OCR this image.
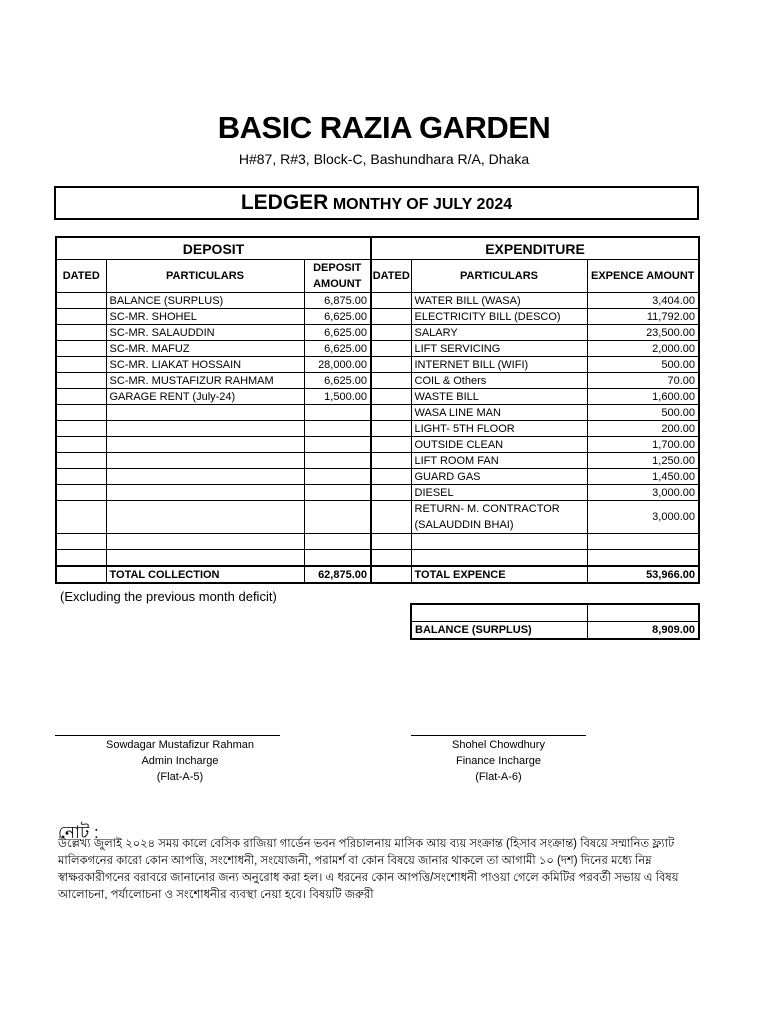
BASIC RAZIA GARDEN
H#87, R#3, Block-C, Bashundhara R/A, Dhaka
LEDGER MONTHY OF JULY 2024
DEPOSIT		
DATED	PARTICULARS	DEPOSIT AMOUNT
	BALANCE (SURPLUS)	6,875.00
	SC-MR. SHOHEL	6,625.00
	SC-MR. SALAUDDIN	6,625.00
	SC-MR. MAFUZ	6,625.00
	SC-MR. LIAKAT HOSSAIN	28,000.00
	SC-MR. MUSTAFIZUR RAHMAM	6,625.00
	GARAGE RENT (July-24)	1,500.00

	TOTAL COLLECTION	62,875.00
EXPENDITURE		
DATED	PARTICULARS	EXPENCE AMOUNT
	WATER BILL (WASA)	3,404.00
	ELECTRICITY BILL (DESCO)	11,792.00
	SALARY	23,500.00
	LIFT SERVICING	2,000.00
	INTERNET BILL (WIFI)	500.00
	COIL & Others	70.00
	WASTE BILL	1,600.00
	WASA LINE MAN	500.00
	LIGHT- 5TH FLOOR	200.00
	OUTSIDE CLEAN	1,700.00
	LIFT ROOM FAN	1,250.00
	GUARD GAS	1,450.00
	DIESEL	3,000.00
	RETURN- M. CONTRACTOR (SALAUDDIN BHAI)	3,000.00

	TOTAL EXPENCE	53,966.00
(Excluding the previous month deficit)

BALANCE (SURPLUS)	8,909.00
Sowdagar Mustafizur Rahman
Admin Incharge
(Flat-A-5)
Shohel Chowdhury
Finance Incharge
(Flat-A-6)
নোট :
উল্লেখ্য জুলাই ২০২৪ সময় কালে বেসিক রাজিয়া গার্ডেন ভবন পরিচালনায় মাসিক আয় ব্যয় সংক্রান্ত (হিসাব সংক্রান্ত) বিষয়ে সম্মানিত ফ্ল্যাট মালিকগনের কারো কোন আপত্তি, সংশোধনী, সংযোজনী, পরামর্শ বা কোন বিষয়ে জানার থাকলে তা আগামী ১০ (দশ) দিনের মধ্যে নিম্ন স্বাক্ষরকারীগনের বরাবরে জানানোর জন্য অনুরোধ করা হল। এ ধরনের কোন আপত্তি/সংশোধনী পাওয়া গেলে কমিটির পরবর্তী সভায় এ বিষয় আলোচনা, পর্যালোচনা ও সংশোধনীর ব্যবস্থা নেয়া হবে। বিষয়টি জরুরী
